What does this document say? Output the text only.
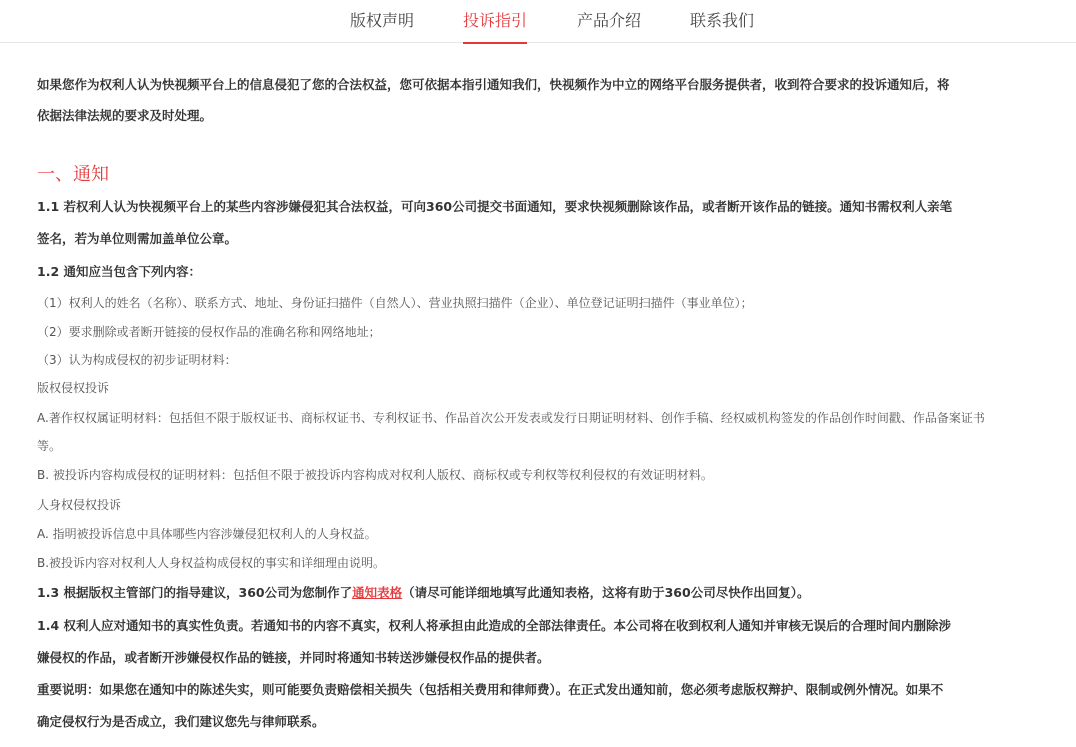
版权声明	投诉指引	产品介绍	联系我们
如果您作为权利人认为快视频平台上的信息侵犯了您的合法权益，您可依据本指引通知我们，快视频作为中立的网络平台服务提供者，收到符合要求的投诉通知后，将
依据法律法规的要求及时处理。
一、通知
1.1 若权利人认为快视频平台上的某些内容涉嫌侵犯其合法权益，可向360公司提交书面通知，要求快视频删除该作品，或者断开该作品的链接。通知书需权利人亲笔
签名，若为单位则需加盖单位公章。
1.2 通知应当包含下列内容：
（1）权利人的姓名（名称）、联系方式、地址、身份证扫描件（自然人）、营业执照扫描件（企业）、单位登记证明扫描件（事业单位）；
（2）要求删除或者断开链接的侵权作品的准确名称和网络地址；
（3）认为构成侵权的初步证明材料：
版权侵权投诉
A.著作权权属证明材料：包括但不限于版权证书、商标权证书、专利权证书、作品首次公开发表或发行日期证明材料、创作手稿、经权威机构签发的作品创作时间戳、作品备案证书
等。
B. 被投诉内容构成侵权的证明材料：包括但不限于被投诉内容构成对权利人版权、商标权或专利权等权利侵权的有效证明材料。
人身权侵权投诉
A. 指明被投诉信息中具体哪些内容涉嫌侵犯权利人的人身权益。
B.被投诉内容对权利人人身权益构成侵权的事实和详细理由说明。
1.3 根据版权主管部门的指导建议，360公司为您制作了通知表格（请尽可能详细地填写此通知表格，这将有助于360公司尽快作出回复）。
1.4 权利人应对通知书的真实性负责。若通知书的内容不真实，权利人将承担由此造成的全部法律责任。本公司将在收到权利人通知并审核无误后的合理时间内删除涉
嫌侵权的作品，或者断开涉嫌侵权作品的链接，并同时将通知书转送涉嫌侵权作品的提供者。
重要说明：如果您在通知中的陈述失实，则可能要负责赔偿相关损失（包括相关费用和律师费）。在正式发出通知前，您必须考虑版权辩护、限制或例外情况。如果不
确定侵权行为是否成立，我们建议您先与律师联系。
